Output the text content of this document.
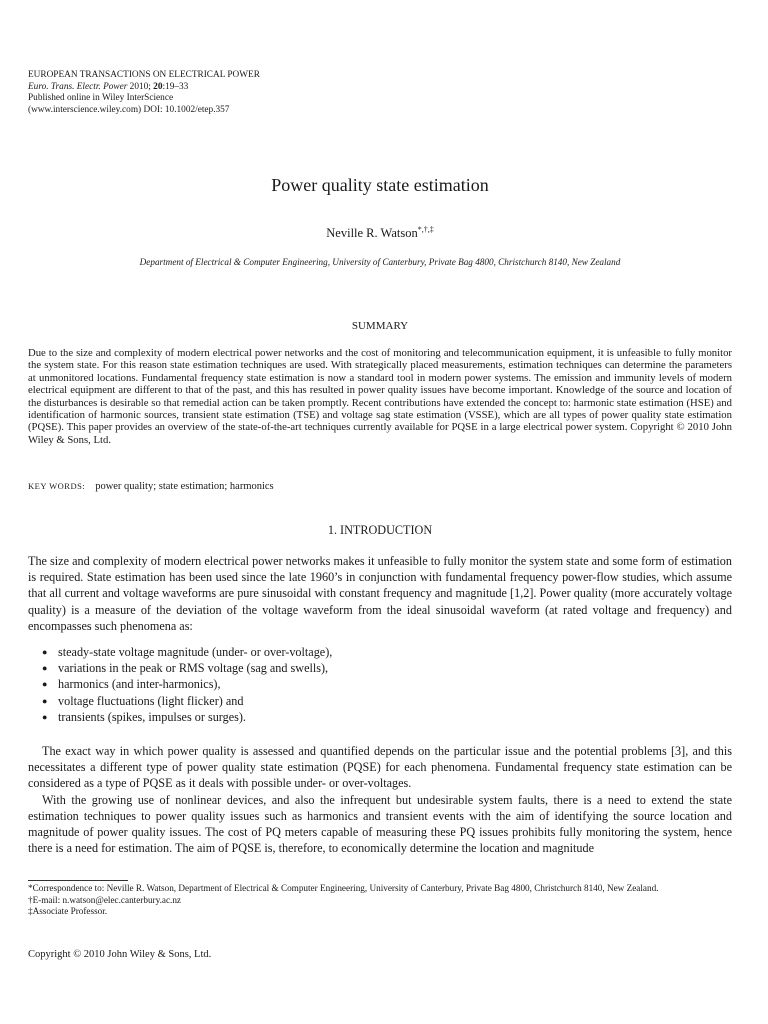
EUROPEAN TRANSACTIONS ON ELECTRICAL POWER
Euro. Trans. Electr. Power 2010; 20:19–33
Published online in Wiley InterScience
(www.interscience.wiley.com) DOI: 10.1002/etep.357
Power quality state estimation
Neville R. Watson*,†,‡
Department of Electrical & Computer Engineering, University of Canterbury, Private Bag 4800, Christchurch 8140, New Zealand
SUMMARY
Due to the size and complexity of modern electrical power networks and the cost of monitoring and telecommunication equipment, it is unfeasible to fully monitor the system state. For this reason state estimation techniques are used. With strategically placed measurements, estimation techniques can determine the parameters at unmonitored locations. Fundamental frequency state estimation is now a standard tool in modern power systems. The emission and immunity levels of modern electrical equipment are different to that of the past, and this has resulted in power quality issues have become important. Knowledge of the source and location of the disturbances is desirable so that remedial action can be taken promptly. Recent contributions have extended the concept to: harmonic state estimation (HSE) and identification of harmonic sources, transient state estimation (TSE) and voltage sag state estimation (VSSE), which are all types of power quality state estimation (PQSE). This paper provides an overview of the state-of-the-art techniques currently available for PQSE in a large electrical power system. Copyright © 2010 John Wiley & Sons, Ltd.
KEY WORDS: power quality; state estimation; harmonics
1. INTRODUCTION
The size and complexity of modern electrical power networks makes it unfeasible to fully monitor the system state and some form of estimation is required. State estimation has been used since the late 1960’s in conjunction with fundamental frequency power-flow studies, which assume that all current and voltage waveforms are pure sinusoidal with constant frequency and magnitude [1,2]. Power quality (more accurately voltage quality) is a measure of the deviation of the voltage waveform from the ideal sinusoidal waveform (at rated voltage and frequency) and encompasses such phenomena as:
● steady-state voltage magnitude (under- or over-voltage),
● variations in the peak or RMS voltage (sag and swells),
● harmonics (and inter-harmonics),
● voltage fluctuations (light flicker) and
● transients (spikes, impulses or surges).

The exact way in which power quality is assessed and quantified depends on the particular issue and the potential problems [3], and this necessitates a different type of power quality state estimation (PQSE) for each phenomena. Fundamental frequency state estimation can be considered as a type of PQSE as it deals with possible under- or over-voltages.

With the growing use of nonlinear devices, and also the infrequent but undesirable system faults, there is a need to extend the state estimation techniques to power quality issues such as harmonics and transient events with the aim of identifying the source location and magnitude of power quality issues. The cost of PQ meters capable of measuring these PQ issues prohibits fully monitoring the system, hence there is a need for estimation. The aim of PQSE is, therefore, to economically determine the location and magnitude

*Correspondence to: Neville R. Watson, Department of Electrical & Computer Engineering, University of Canterbury, Private Bag 4800, Christchurch 8140, New Zealand.

†E-mail: n.watson@elec.canterbury.ac.nz

‡Associate Professor.

Copyright © 2010 John Wiley & Sons, Ltd.
